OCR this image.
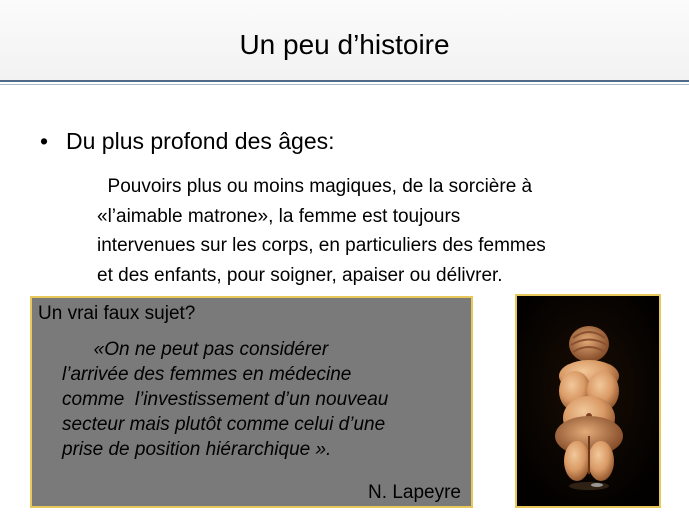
Un peu d’histoire
• Du plus profond des âges:
Pouvoirs plus ou moins magiques, de la sorcière à
«l’aimable matrone», la femme est toujours
intervenues sur les corps, en particuliers des femmes
et des enfants, pour soigner, apaiser ou délivrer.
Un vrai faux sujet?
«On ne peut pas considérer
l’arrivée des femmes en médecine
comme  l’investissement d’un nouveau
secteur mais plutôt comme celui d’une
prise de position hiérarchique ».
N. Lapeyre
